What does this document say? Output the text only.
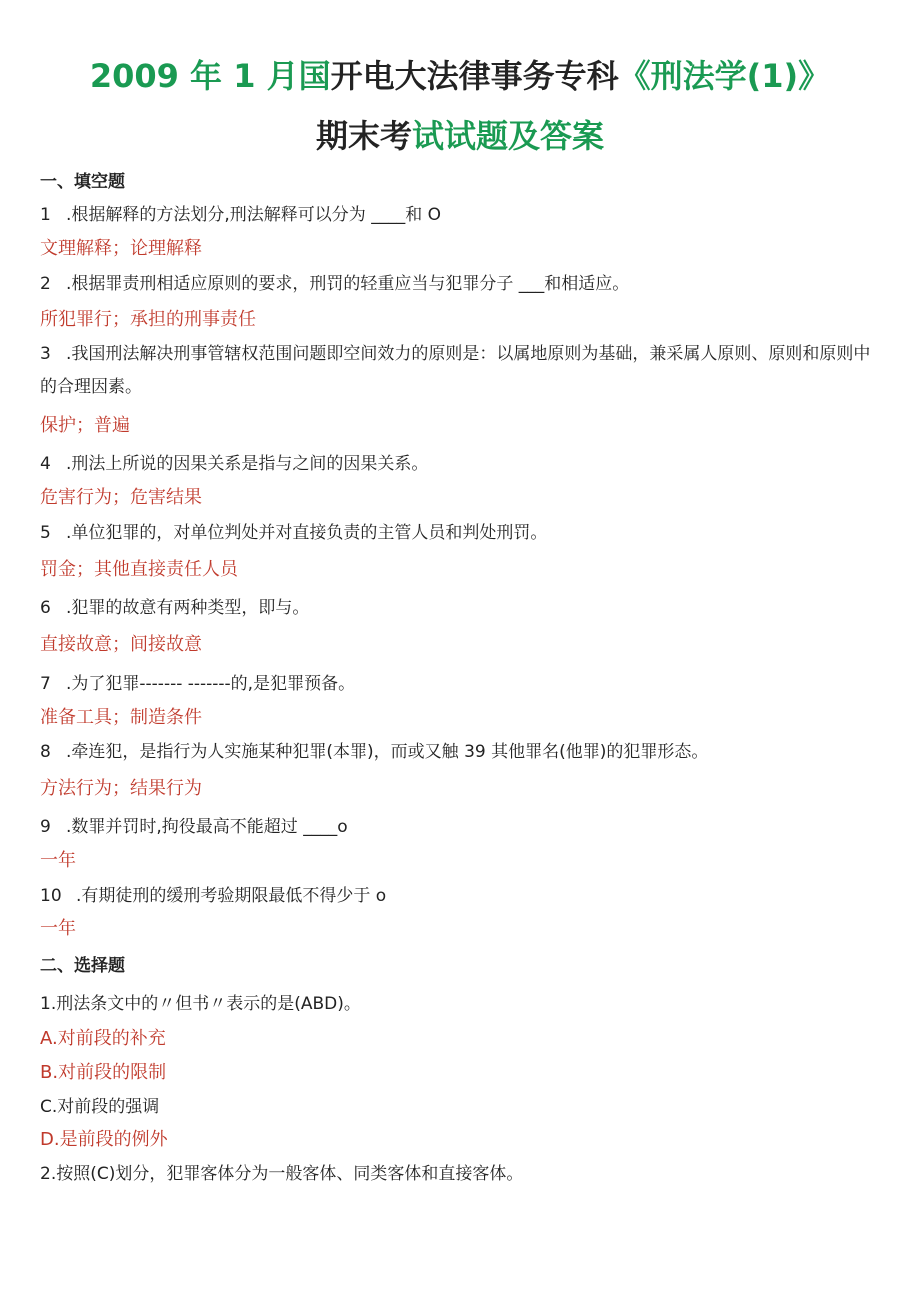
2009 年 1 月国开电大法律事务专科《刑法学(1)》
期末考试试题及答案
一、填空题
1 .根据解释的方法划分,刑法解释可以分为 ____和 O
文理解释；论理解释
2 .根据罪责刑相适应原则的要求，刑罚的轻重应当与犯罪分子 ___和相适应。
所犯罪行；承担的刑事责任
3 .我国刑法解决刑事管辖权范围问题即空间效力的原则是：以属地原则为基础，兼采属人原则、原则和原则中的合理因素。
保护；普遍
4 .刑法上所说的因果关系是指与之间的因果关系。
危害行为；危害结果
5 .单位犯罪的，对单位判处并对直接负责的主管人员和判处刑罚。
罚金；其他直接责任人员
6 .犯罪的故意有两种类型，即与。
直接故意；间接故意
7 .为了犯罪------- -------的,是犯罪预备。
准备工具；制造条件
8 .牵连犯，是指行为人实施某种犯罪(本罪)，而或又触 39 其他罪名(他罪)的犯罪形态。
方法行为；结果行为
9 .数罪并罚时,拘役最高不能超过 ____o
一年
10 .有期徒刑的缓刑考验期限最低不得少于 o
一年
二、选择题
1.刑法条文中的〃但书〃表示的是(ABD)。
A.对前段的补充
B.对前段的限制
C.对前段的强调
D.是前段的例外
2.按照(C)划分，犯罪客体分为一般客体、同类客体和直接客体。
